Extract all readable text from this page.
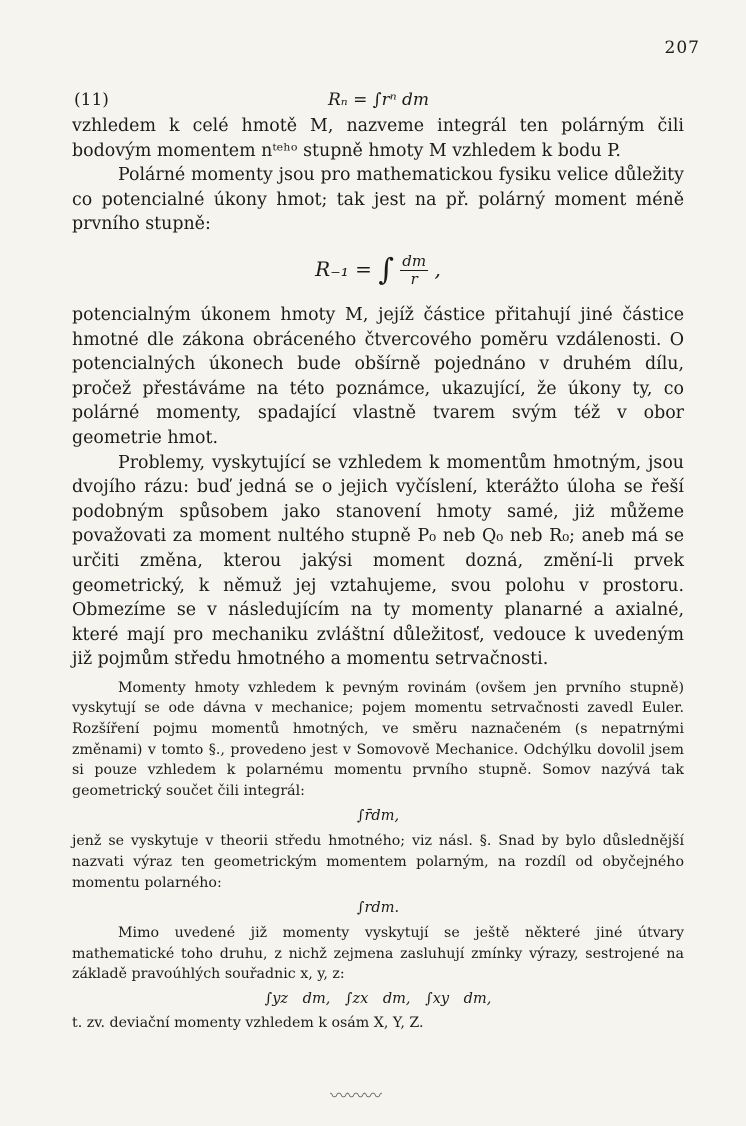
207
(11)	Rₙ = ∫rⁿ dm

vzhledem k celé hmotě M, nazveme integrál ten polárným čili bodovým momentem nᵗᵉʰᵒ stupně hmoty M vzhledem k bodu P.

Polárné momenty jsou pro mathematickou fysiku velice důležity co potencialné úkony hmot; tak jest na př. polárný moment méně prvního stupně:

R₋₁ = ∫ $\frac{dm}{r}$ ,

potencialným úkonem hmoty M, jejíž částice přitahují jiné částice hmotné dle zákona obráceného čtvercového poměru vzdálenosti. O potencialných úkonech bude obšírně pojednáno v druhém dílu, pročež přestáváme na této poznámce, ukazující, že úkony ty, co polárné momenty, spadající vlastně tvarem svým též v obor geometrie hmot.

Problemy, vyskytující se vzhledem k momentům hmotným, jsou dvojího rázu: buď jedná se o jejich vyčíslení, kterážto úloha se řeší podobným spůsobem jako stanovení hmoty samé, jiż můžeme považovati za moment nultého stupně P₀ neb Q₀ neb R₀; aneb má se určiti změna, kterou jakýsi moment dozná, změní-li prvek geometrický, k němuž jej vztahujeme, svou polohu v prostoru. Obmezíme se v následujícím na ty momenty planarné a axialné, které mají pro mechaniku zvláštní důležitosť, vedouce k uvedeným již pojmům středu hmotného a momentu setrvačnosti.

Momenty hmoty vzhledem k pevným rovinám (ovšem jen prvního stupně) vyskytují se ode dávna v mechanice; pojem momentu setrvačnosti zavedl Euler. Rozšíření pojmu momentů hmotných, ve směru naznačeném (s nepatrnými změnami) v tomto §., provedeno jest v Somovově Mechanice. Odchýlku dovolil jsem si pouze vzhledem k polarnému momentu prvního stupně. Somov nazývá tak geometrický součet čili integrál:

∫r̄dm,

jenž se vyskytuje v theorii středu hmotného; viz násl. §. Snad by bylo důslednější nazvati výraz ten geometrickým momentem polarným, na rozdíl od obyčejného momentu polarného:

∫rdm.

Mimo uvedené již momenty vyskytují se ještě některé jiné útvary mathematické toho druhu, z nichž zejmena zasluhují zmínky výrazy, sestrojené na základě pravoúhlých souřadnic x, y, z:

∫yz dm, ∫zx dm, ∫xy dm,

t. zv. deviační momenty vzhledem k osám X, Y, Z.

〰〰〰
